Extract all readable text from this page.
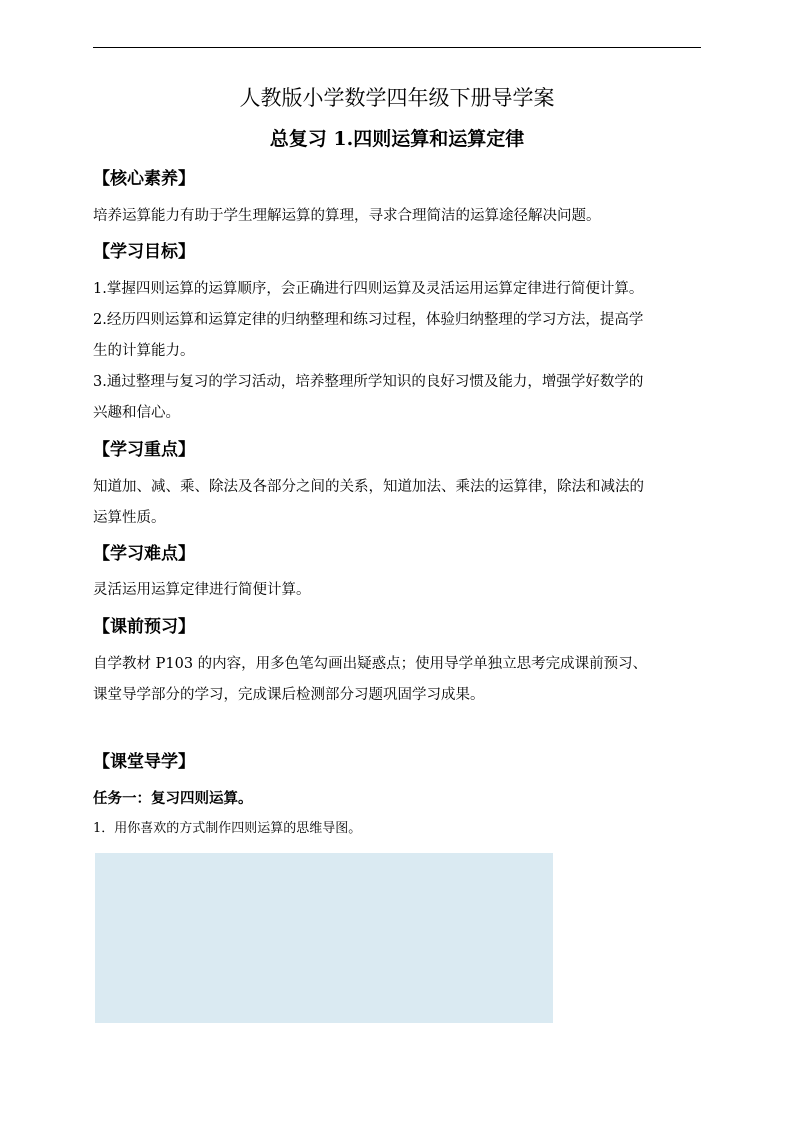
人教版小学数学四年级下册导学案
总复习 1.四则运算和运算定律
【核心素养】
培养运算能力有助于学生理解运算的算理，寻求合理简洁的运算途径解决问题。
【学习目标】
1.掌握四则运算的运算顺序，会正确进行四则运算及灵活运用运算定律进行简便计算。
2.经历四则运算和运算定律的归纳整理和练习过程，体验归纳整理的学习方法，提高学
生的计算能力。
3.通过整理与复习的学习活动，培养整理所学知识的良好习惯及能力，增强学好数学的
兴趣和信心。
【学习重点】
知道加、减、乘、除法及各部分之间的关系，知道加法、乘法的运算律，除法和减法的
运算性质。
【学习难点】
灵活运用运算定律进行简便计算。
【课前预习】
自学教材 P103 的内容，用多色笔勾画出疑惑点；使用导学单独立思考完成课前预习、
课堂导学部分的学习，完成课后检测部分习题巩固学习成果。
【课堂导学】
任务一：复习四则运算。
1．用你喜欢的方式制作四则运算的思维导图。
